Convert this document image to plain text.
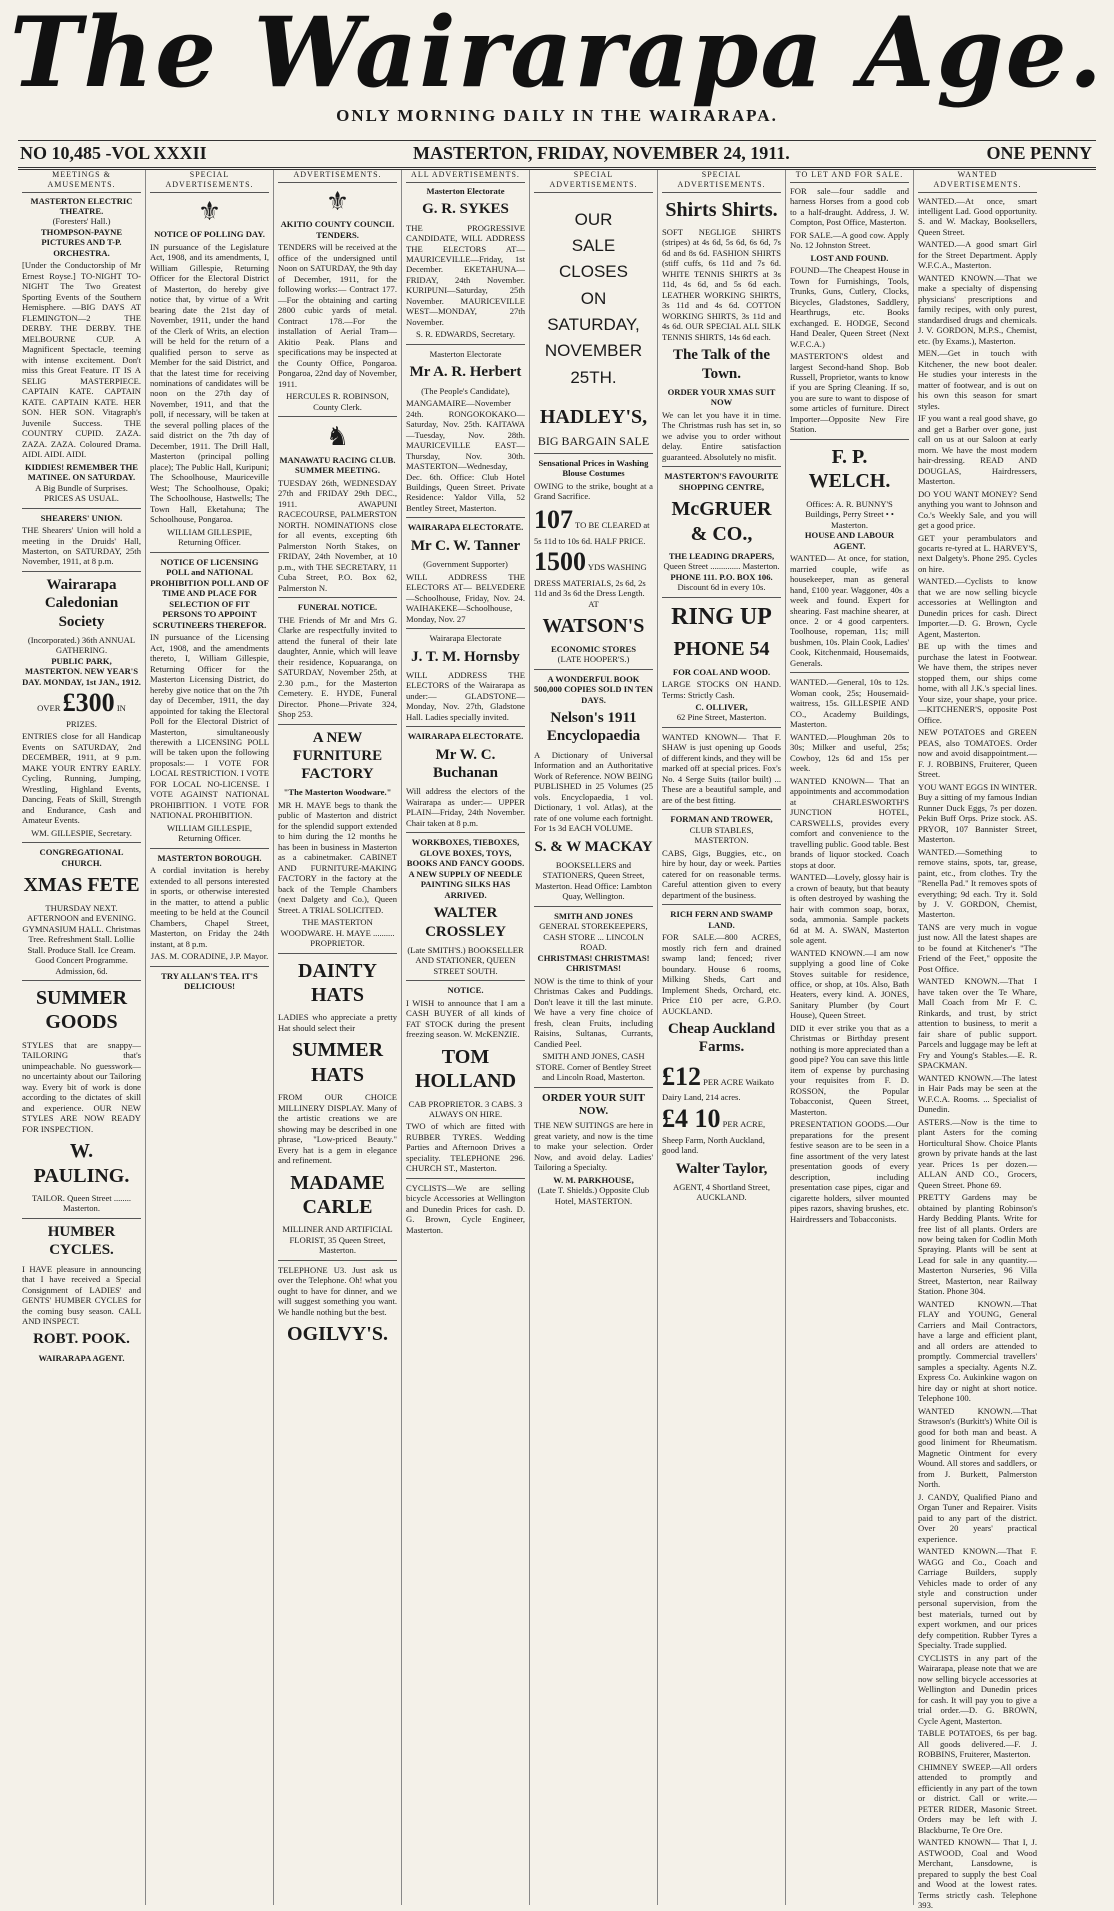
The Wairarapa Age.
ONLY MORNING DAILY IN THE WAIRARAPA.
NO 10,485 -VOL XXXII	MASTERTON, FRIDAY, NOVEMBER 24, 1911.	ONE PENNY
MEETINGS & AMUSEMENTS.
MASTERTON ELECTRIC THEATRE.
(Foresters' Hall.)
THOMPSON-PAYNE PICTURES AND T-P. ORCHESTRA.

[Under the Conductorship of Mr Ernest Royse.] TO-NIGHT TO-NIGHT The Two Greatest Sporting Events of the Southern Hemisphere. —BIG DAYS AT FLEMINGTON—2 THE DERBY. THE DERBY. THE MELBOURNE CUP. A Magnificent Spectacle, teeming with intense excitement. Don't miss this Great Feature. IT IS A SELIG MASTERPIECE. CAPTAIN KATE. CAPTAIN KATE. CAPTAIN KATE. HER SON. HER SON. Vitagraph's Juvenile Success. THE COUNTRY CUPID. ZAZA. ZAZA. ZAZA. Coloured Drama. AIDI. AIDI. AIDI.

KIDDIES! REMEMBER THE MATINEE. ON SATURDAY.
A Big Bundle of Surprises. PRICES AS USUAL.
SHEARERS' UNION.

THE Shearers' Union will hold a meeting in the Druids' Hall, Masterton, on SATURDAY, 25th November, 1911, at 8 p.m.

Wairarapa Caledonian Society
(Incorporated.) 36th ANNUAL GATHERING.
PUBLIC PARK, MASTERTON. NEW YEAR'S DAY. MONDAY, 1st JAN., 1912.
OVER £300 IN PRIZES.

ENTRIES close for all Handicap Events on SATURDAY, 2nd DECEMBER, 1911, at 9 p.m. MAKE YOUR ENTRY EARLY. Cycling, Running, Jumping, Wrestling, Highland Events, Dancing, Feats of Skill, Strength and Endurance, Cash and Amateur Events.

WM. GILLESPIE, Secretary.
CONGREGATIONAL CHURCH.
XMAS FETE

THURSDAY NEXT. AFTERNOON and EVENING. GYMNASIUM HALL. Christmas Tree. Refreshment Stall. Lollie Stall. Produce Stall. Ice Cream. Good Concert Programme. Admission, 6d.

SUMMER GOODS

STYLES that are snappy—TAILORING that's unimpeachable. No guesswork—no uncertainty about our Tailoring way. Every bit of work is done according to the dictates of skill and experience. OUR NEW STYLES ARE NOW READY FOR INSPECTION.

W. PAULING.
TAILOR. Queen Street ........ Masterton.
HUMBER CYCLES.

I HAVE pleasure in announcing that I have received a Special Consignment of LADIES' and GENTS' HUMBER CYCLES for the coming busy season. CALL AND INSPECT.

ROBT. POOK.
WAIRARAPA AGENT.
SPECIAL ADVERTISEMENTS.
⚜
NOTICE OF POLLING DAY.

IN pursuance of the Legislature Act, 1908, and its amendments, I, William Gillespie, Returning Officer for the Electoral District of Masterton, do hereby give notice that, by virtue of a Writ bearing date the 21st day of November, 1911, under the hand of the Clerk of Writs, an election will be held for the return of a qualified person to serve as Member for the said District, and that the latest time for receiving nominations of candidates will be noon on the 27th day of November, 1911, and that the poll, if necessary, will be taken at the several polling places of the said district on the 7th day of December, 1911. The Drill Hall, Masterton (principal polling place); The Public Hall, Kuripuni; The Schoolhouse, Mauriceville West; The Schoolhouse, Opaki; The Schoolhouse, Hastwells; The Town Hall, Eketahuna; The Schoolhouse, Pongaroa.

WILLIAM GILLESPIE, Returning Officer.
NOTICE OF LICENSING POLL and NATIONAL PROHIBITION POLL AND OF TIME AND PLACE FOR SELECTION OF FIT PERSONS TO APPOINT SCRUTINEERS THEREFOR.

IN pursuance of the Licensing Act, 1908, and the amendments thereto, I, William Gillespie, Returning Officer for the Masterton Licensing District, do hereby give notice that on the 7th day of December, 1911, the day appointed for taking the Electoral Poll for the Electoral District of Masterton, simultaneously therewith a LICENSING POLL will be taken upon the following proposals:— I VOTE FOR LOCAL RESTRICTION. I VOTE FOR LOCAL NO-LICENSE. I VOTE AGAINST NATIONAL PROHIBITION. I VOTE FOR NATIONAL PROHIBITION.

WILLIAM GILLESPIE, Returning Officer.
MASTERTON BOROUGH.

A cordial invitation is hereby extended to all persons interested in sports, or otherwise interested in the matter, to attend a public meeting to be held at the Council Chambers, Chapel Street, Masterton, on Friday the 24th instant, at 8 p.m.

JAS. M. CORADINE, J.P. Mayor.
TRY ALLAN'S TEA. IT'S DELICIOUS!
ADVERTISEMENTS.
⚜
AKITIO COUNTY COUNCIL TENDERS.

TENDERS will be received at the office of the undersigned until Noon on SATURDAY, the 9th day of December, 1911, for the following works:— Contract 177.—For the obtaining and carting 2800 cubic yards of metal. Contract 178.—For the installation of Aerial Tram—Akitio Peak. Plans and specifications may be inspected at the County Office, Pongaroa. Pongaroa, 22nd day of November, 1911.

HERCULES R. ROBINSON, County Clerk.
♞
MANAWATU RACING CLUB. SUMMER MEETING.

TUESDAY 26th, WEDNESDAY 27th and FRIDAY 29th DEC., 1911. AWAPUNI RACECOURSE, PALMERSTON NORTH. NOMINATIONS close for all events, excepting 6th Palmerston North Stakes, on FRIDAY, 24th November, at 10 p.m., with THE SECRETARY, 11 Cuba Street, P.O. Box 62, Palmerston N.

FUNERAL NOTICE.

THE Friends of Mr and Mrs G. Clarke are respectfully invited to attend the funeral of their late daughter, Annie, which will leave their residence, Kopuaranga, on SATURDAY, November 25th, at 2.30 p.m., for the Masterton Cemetery. E. HYDE, Funeral Director. Phone—Private 324, Shop 253.

A NEW FURNITURE FACTORY
"The Masterton Woodware."

MR H. MAYE begs to thank the public of Masterton and district for the splendid support extended to him during the 12 months he has been in business in Masterton as a cabinetmaker. CABINET AND FURNITURE-MAKING FACTORY in the factory at the back of the Temple Chambers (next Dalgety and Co.), Queen Street. A TRIAL SOLICITED.

THE MASTERTON WOODWARE. H. MAYE .......... PROPRIETOR.
DAINTY HATS

LADIES who appreciate a pretty Hat should select their

SUMMER HATS

FROM OUR CHOICE MILLINERY DISPLAY. Many of the artistic creations we are showing may be described in one phrase, "Low-priced Beauty." Every hat is a gem in elegance and refinement.

MADAME CARLE
MILLINER AND ARTIFICIAL FLORIST, 35 Queen Street, Masterton.

TELEPHONE U3. Just ask us over the Telephone. Oh! what you ought to have for dinner, and we will suggest something you want. We handle nothing but the best.

OGILVY'S.
ALL ADVERTISEMENTS.
Masterton Electorate
G. R. SYKES

THE PROGRESSIVE CANDIDATE, WILL ADDRESS THE ELECTORS AT— MAURICEVILLE—Friday, 1st December. EKETAHUNA—FRIDAY, 24th November. KURIPUNI—Saturday, 25th November. MAURICEVILLE WEST—MONDAY, 27th November.

S. R. EDWARDS, Secretary.
Masterton Electorate
Mr A. R. Herbert
(The People's Candidate),

MANGAMAIRE—November 24th. RONGOKOKAKO—Saturday, Nov. 25th. KAITAWA—Tuesday, Nov. 28th. MAURICEVILLE EAST—Thursday, Nov. 30th. MASTERTON—Wednesday, Dec. 6th. Office: Club Hotel Buildings, Queen Street. Private Residence: Yaldor Villa, 52 Bentley Street, Masterton.

WAIRARAPA ELECTORATE.
Mr C. W. Tanner
(Government Supporter)

WILL ADDRESS THE ELECTORS AT— BELVEDERE—Schoolhouse, Friday, Nov. 24. WAIHAKEKE—Schoolhouse, Monday, Nov. 27

Wairarapa Electorate
J. T. M. Hornsby

WILL ADDRESS THE ELECTORS of the Wairarapa as under:— GLADSTONE—Monday, Nov. 27th, Gladstone Hall. Ladies specially invited.

WAIRARAPA ELECTORATE.
Mr W. C. Buchanan

Will address the electors of the Wairarapa as under:— UPPER PLAIN—Friday, 24th November. Chair taken at 8 p.m.

WORKBOXES, TIEBOXES, GLOVE BOXES, TOYS, BOOKS AND FANCY GOODS. A NEW SUPPLY OF NEEDLE PAINTING SILKS HAS ARRIVED.

WALTER CROSSLEY
(Late SMITH'S.) BOOKSELLER AND STATIONER, QUEEN STREET SOUTH.
NOTICE.

I WISH to announce that I am a CASH BUYER of all kinds of FAT STOCK during the present freezing season. W. McKENZIE.

TOM HOLLAND
CAB PROPRIETOR. 3 CABS. 3 ALWAYS ON HIRE.

TWO of which are fitted with RUBBER TYRES. Wedding Parties and Afternoon Drives a speciality. TELEPHONE 296. CHURCH ST., Masterton.

CYCLISTS—We are selling bicycle Accessories at Wellington and Dunedin Prices for cash. D. G. Brown, Cycle Engineer, Masterton.

SPECIAL ADVERTISEMENTS.
OUR
SALE
CLOSES
ON
SATURDAY,
NOVEMBER
25TH.
HADLEY'S,
BIG BARGAIN SALE
Sensational Prices in Washing Blouse Costumes

OWING to the strike, bought at a Grand Sacrifice.

107 TO BE CLEARED at 5s 11d to 10s 6d. HALF PRICE.
1500 YDS WASHING DRESS MATERIALS, 2s 6d, 2s 11d and 3s 6d the Dress Length.
AT
WATSON'S
ECONOMIC STORES
(LATE HOOPER'S.)
A WONDERFUL BOOK
500,000 COPIES SOLD IN TEN DAYS.
Nelson's 1911 Encyclopaedia

A Dictionary of Universal Information and an Authoritative Work of Reference. NOW BEING PUBLISHED in 25 Volumes (25 vols. Encyclopaedia, 1 vol. Dictionary, 1 vol. Atlas), at the rate of one volume each fortnight. For 1s 3d EACH VOLUME.

S. & W MACKAY
BOOKSELLERS and STATIONERS, Queen Street, Masterton. Head Office: Lambton Quay, Wellington.
SMITH AND JONES
GENERAL STOREKEEPERS, CASH STORE ... LINCOLN ROAD.
CHRISTMAS! CHRISTMAS! CHRISTMAS!

NOW is the time to think of your Christmas Cakes and Puddings. Don't leave it till the last minute. We have a very fine choice of fresh, clean Fruits, including Raisins, Sultanas, Currants, Candied Peel.

SMITH AND JONES, CASH STORE. Corner of Bentley Street and Lincoln Road, Masterton.
ORDER YOUR SUIT NOW.

THE NEW SUITINGS are here in great variety, and now is the time to make your selection. Order Now, and avoid delay. Ladies' Tailoring a Specialty.

W. M. PARKHOUSE,
(Late T. Shields.) Opposite Club Hotel, MASTERTON.
SPECIAL ADVERTISEMENTS.
Shirts Shirts.

SOFT NEGLIGE SHIRTS (stripes) at 4s 6d, 5s 6d, 6s 6d, 7s 6d and 8s 6d. FASHION SHIRTS (stiff cuffs, 6s 11d and 7s 6d. WHITE TENNIS SHIRTS at 3s 11d, 4s 6d, and 5s 6d each. LEATHER WORKING SHIRTS, 3s 11d and 4s 6d. COTTON WORKING SHIRTS, 3s 11d and 4s 6d. OUR SPECIAL ALL SILK TENNIS SHIRTS, 14s 6d each.

The Talk of the Town.
ORDER YOUR XMAS SUIT NOW

We can let you have it in time. The Christmas rush has set in, so we advise you to order without delay. Entire satisfaction guaranteed. Absolutely no misfit.

MASTERTON'S FAVOURITE SHOPPING CENTRE,
McGRUER & CO.,
THE LEADING DRAPERS,
Queen Street .............. Masterton.
PHONE 111. P.O. BOX 106.
Discount 6d in every 10s.
RING UP
PHONE 54
FOR COAL AND WOOD.

LARGE STOCKS ON HAND. Terms: Strictly Cash.

C. OLLIVER,
62 Pine Street, Masterton.

WANTED KNOWN— That F. SHAW is just opening up Goods of different kinds, and they will be marked off at special prices. Fox's No. 4 Serge Suits (tailor built) ... These are a beautiful sample, and are of the best fitting.

FORMAN AND TROWER,
CLUB STABLES, MASTERTON.

CABS, Gigs, Buggies, etc., on hire by hour, day or week. Parties catered for on reasonable terms. Careful attention given to every department of the business.

RICH FERN AND SWAMP LAND.

FOR SALE.—800 ACRES, mostly rich fern and drained swamp land; fenced; river boundary. House 6 rooms, Milking Sheds, Cart and Implement Sheds, Orchard, etc. Price £10 per acre, G.P.O. AUCKLAND.

Cheap Auckland Farms.
£12 PER ACRE Waikato Dairy Land, 214 acres.
£4 10 PER ACRE, Sheep Farm, North Auckland, good land.
Walter Taylor,
AGENT, 4 Shortland Street, AUCKLAND.
TO LET AND FOR SALE.

FOR sale—four saddle and harness Horses from a good cob to a half-draught. Address, J. W. Compton, Post Office, Masterton.

FOR SALE.—A good cow. Apply No. 12 Johnston Street.

LOST AND FOUND.

FOUND—The Cheapest House in Town for Furnishings, Tools, Trunks, Guns, Cutlery, Clocks, Bicycles, Gladstones, Saddlery, Hearthrugs, etc. Books exchanged. E. HODGE, Second Hand Dealer, Queen Street (Next W.F.C.A.)

MASTERTON'S oldest and largest Second-hand Shop. Bob Russell, Proprietor, wants to know if you are Spring Cleaning. If so, you are sure to want to dispose of some articles of furniture. Direct Importer—Opposite New Fire Station.

F. P. WELCH.
Offices: A. R. BUNNY'S Buildings, Perry Street • • Masterton.
HOUSE AND LABOUR AGENT.

WANTED— At once, for station, married couple, wife as housekeeper, man as general hand, £100 year. Waggoner, 40s a week and found. Expert for shearing. Fast machine shearer, at once. 2 or 4 good carpenters. Toolhouse, ropeman, 11s; mill bushmen, 10s. Plain Cook, Ladies' Cook, Kitchenmaid, Housemaids, Generals.

WANTED.—General, 10s to 12s. Woman cook, 25s; Housemaid-waitress, 15s. GILLESPIE AND CO., Academy Buildings, Masterton.

WANTED.—Ploughman 20s to 30s; Milker and useful, 25s; Cowboy, 12s 6d and 15s per week.

WANTED KNOWN— That an appointments and accommodation at CHARLESWORTH'S JUNCTION HOTEL, CARSWELLS, provides every comfort and convenience to the travelling public. Good table. Best brands of liquor stocked. Coach stops at door.

WANTED—Lovely, glossy hair is a crown of beauty, but that beauty is often destroyed by washing the hair with common soap, borax, soda, ammonia. Sample packets 6d at M. A. SWAN, Masterton sole agent.

WANTED KNOWN.—I am now supplying a good line of Coke Stoves suitable for residence, office, or shop, at 10s. Also, Bath Heaters, every kind. A. JONES, Sanitary Plumber (by Court House), Queen Street.

DID it ever strike you that as a Christmas or Birthday present nothing is more appreciated than a good pipe? You can save this little item of expense by purchasing your requisites from F. D. ROSSON, the Popular Tobacconist, Queen Street, Masterton.

PRESENTATION GOODS.—Our preparations for the present festive season are to be seen in a fine assortment of the very latest presentation goods of every description, including presentation case pipes, cigar and cigarette holders, silver mounted pipes razors, shaving brushes, etc. Hairdressers and Tobacconists.

WANTED ADVERTISEMENTS.

WANTED.—At once, smart intelligent Lad. Good opportunity. S. and W. Mackay, Booksellers, Queen Street.

WANTED.—A good smart Girl for the Street Department. Apply W.F.C.A., Masterton.

WANTED KNOWN.—That we make a specialty of dispensing physicians' prescriptions and family recipes, with only purest, standardised drugs and chemicals. J. V. GORDON, M.P.S., Chemist, etc. (by Exams.), Masterton.

MEN.—Get in touch with Kitchener, the new boot dealer. He studies your interests in the matter of footwear, and is out on his own this season for smart styles.

IF you want a real good shave, go and get a Barber over gone, just call on us at our Saloon at early morn. We have the most modern hair-dressing. READ AND DOUGLAS, Hairdressers, Masterton.

DO YOU WANT MONEY? Send anything you want to Johnson and Co.'s Weekly Sale, and you will get a good price.

GET your perambulators and gocarts re-tyred at L. HARVEY'S, next Dalgety's. Phone 295. Cycles on hire.

WANTED.—Cyclists to know that we are now selling bicycle accessories at Wellington and Dunedin prices for cash. Direct Importer.—D. G. Brown, Cycle Agent, Masterton.

BE up with the times and purchase the latest in Footwear. We have them, the stripes never stopped them, our ships come home, with all J.K.'s special lines. Your size, your shape, your price.—KITCHENER'S, opposite Post Office.

NEW POTATOES and GREEN PEAS, also TOMATOES. Order now and avoid disappointment.— F. J. ROBBINS, Fruiterer, Queen Street.

YOU WANT EGGS IN WINTER. Buy a sitting of my famous Indian Runner Duck Eggs, 7s per dozen. Pekin Buff Orps. Prize stock. AS. PRYOR, 107 Bannister Street, Masterton.

WANTED.—Something to remove stains, spots, tar, grease, paint, etc., from clothes. Try the "Renella Pad." It removes spots of everything; 9d each. Try it. Sold by J. V. GORDON, Chemist, Masterton.

TANS are very much in vogue just now. All the latest shapes are to be found at Kitchener's "The Friend of the Feet," opposite the Post Office.

WANTED KNOWN.—That I have taken over the Te Whare, Mall Coach from Mr F. C. Rinkards, and trust, by strict attention to business, to merit a fair share of public support. Parcels and luggage may be left at Fry and Young's Stables.—E. R. SPACKMAN.

WANTED KNOWN.—The latest in Hair Pads may be seen at the W.F.C.A. Rooms. ... Specialist of Dunedin.

ASTERS.—Now is the time to plant Asters for the coming Horticultural Show. Choice Plants grown by private hands at the last year. Prices 1s per dozen.—ALLAN AND CO., Grocers, Queen Street. Phone 69.

PRETTY Gardens may be obtained by planting Robinson's Hardy Bedding Plants. Write for free list of all plants. Orders are now being taken for Codlin Moth Spraying. Plants will be sent at Lead for sale in any quantity.—Masterton Nurseries, 96 Villa Street, Masterton, near Railway Station. Phone 304.

WANTED KNOWN.—That FLAY and YOUNG, General Carriers and Mail Contractors, have a large and efficient plant, and all orders are attended to promptly. Commercial travellers' samples a specialty. Agents N.Z. Express Co. Aukinkine wagon on hire day or night at short notice. Telephone 100.

WANTED KNOWN.—That Strawson's (Burkitt's) White Oil is good for both man and beast. A good liniment for Rheumatism. Magnetic Ointment for every Wound. All stores and saddlers, or from J. Burkett, Palmerston North.

J. CANDY, Qualified Piano and Organ Tuner and Repairer. Visits paid to any part of the district. Over 20 years' practical experience.

WANTED KNOWN.—That F. WAGG and Co., Coach and Carriage Builders, supply Vehicles made to order of any style and construction under personal supervision, from the best materials, turned out by expert workmen, and our prices defy competition. Rubber Tyres a Specialty. Trade supplied.

CYCLISTS in any part of the Wairarapa, please note that we are now selling bicycle accessories at Wellington and Dunedin prices for cash. It will pay you to give a trial order.—D. G. BROWN, Cycle Agent, Masterton.

TABLE POTATOES, 6s per bag. All goods delivered.—F. J. ROBBINS, Fruiterer, Masterton.

CHIMNEY SWEEP.—All orders attended to promptly and efficiently in any part of the town or district. Call or write.— PETER RIDER, Masonic Street. Orders may be left with J. Blackburne, Te Ore Ore.

WANTED KNOWN— That I, J. ASTWOOD, Coal and Wood Merchant, Lansdowne, is prepared to supply the best Coal and Wood at the lowest rates. Terms strictly cash. Telephone 393.
